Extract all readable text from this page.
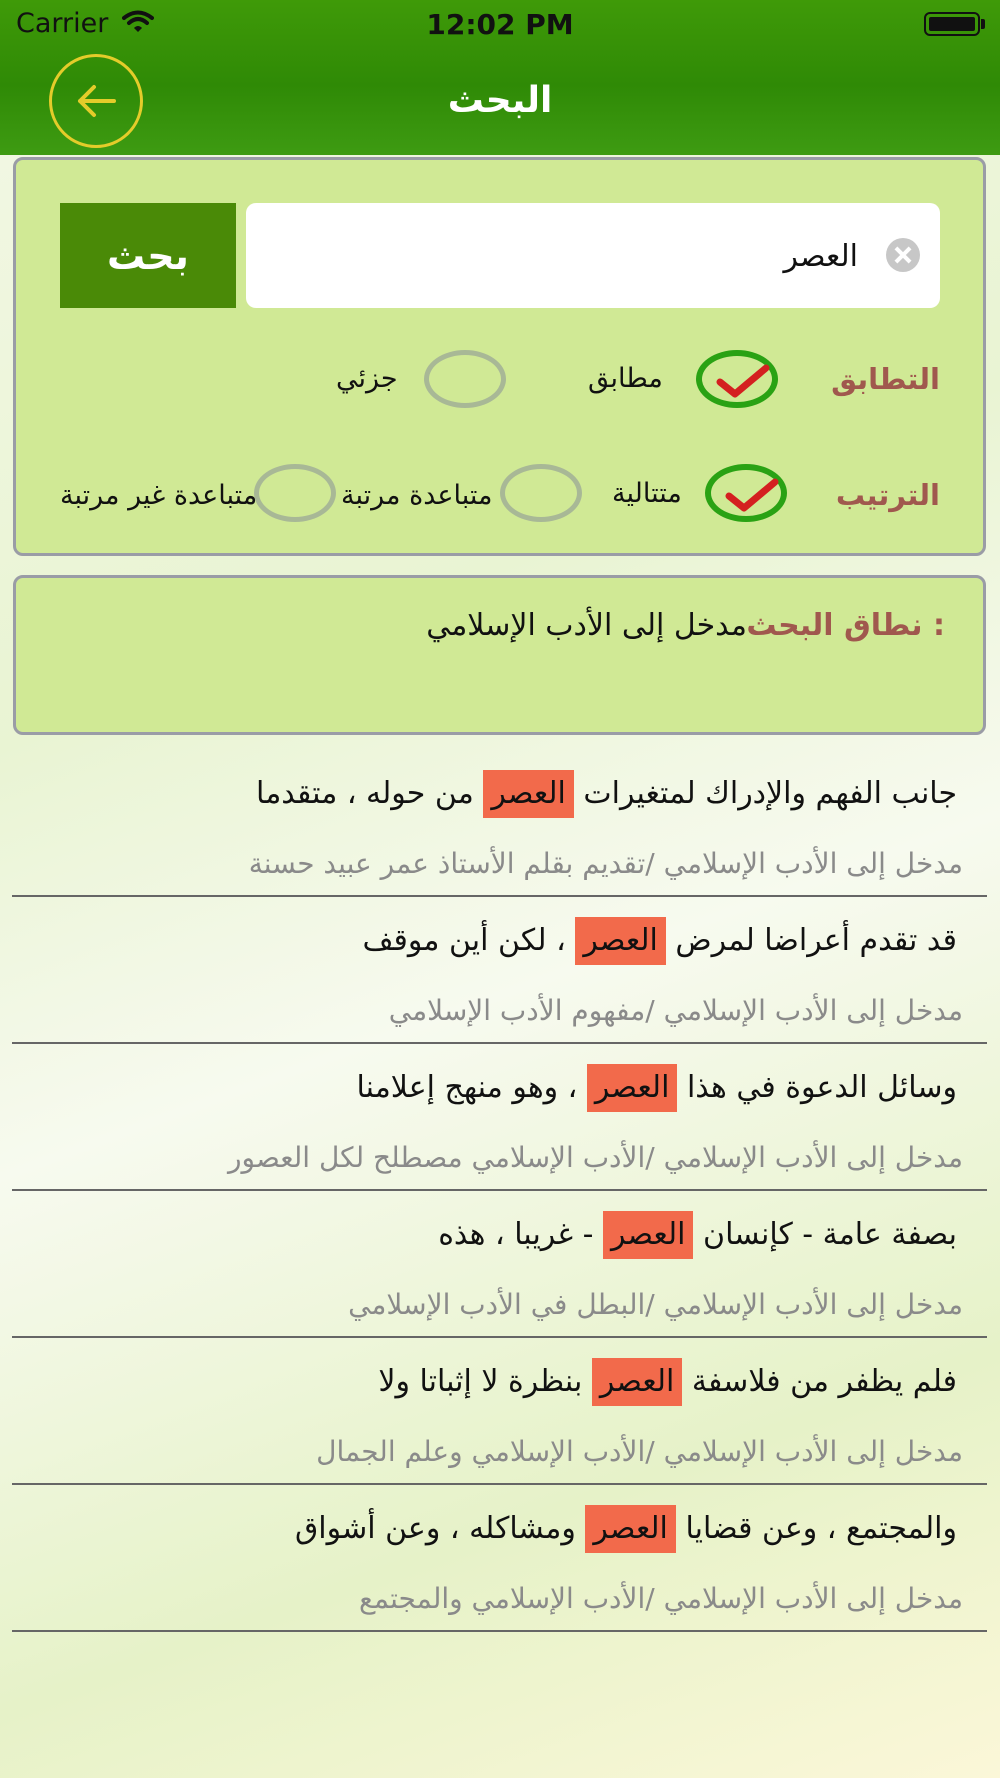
Carrier	12:02 PM
البحث
بحث
العصر
التطابق
مطابق
جزئي
الترتيب
متتالية
متباعدة مرتبة
متباعدة غير مرتبة
نطاق البحث :
مدخل إلى الأدب الإسلامي
جانب الفهم والإدراك لمتغيرات العصر من حوله ، متقدما
مدخل إلى الأدب الإسلامي /تقديم بقلم الأستاذ عمر عبيد حسنة
قد تقدم أعراضا لمرض العصر ، لكن أين موقف
مدخل إلى الأدب الإسلامي /مفهوم الأدب الإسلامي
وسائل الدعوة في هذا العصر ، وهو منهج إعلامنا
مدخل إلى الأدب الإسلامي /الأدب الإسلامي مصطلح لكل العصور
بصفة عامة - كإنسان العصر - غريبا ، هذه
مدخل إلى الأدب الإسلامي /البطل في الأدب الإسلامي
فلم يظفر من فلاسفة العصر بنظرة لا إثباتا ولا
مدخل إلى الأدب الإسلامي /الأدب الإسلامي وعلم الجمال
والمجتمع ، وعن قضايا العصر ومشاكله ، وعن أشواق
مدخل إلى الأدب الإسلامي /الأدب الإسلامي والمجتمع
